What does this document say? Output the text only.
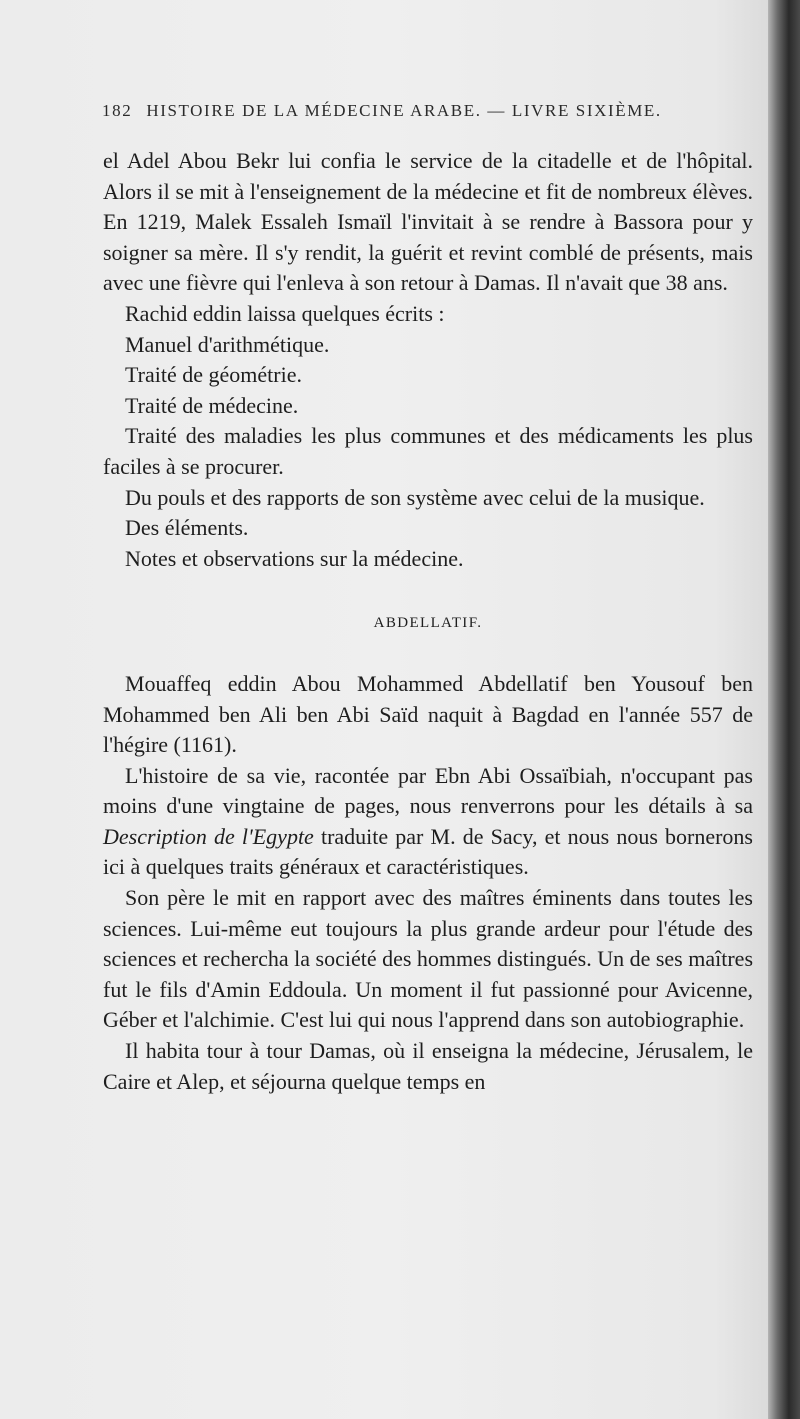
182 HISTOIRE DE LA MÉDECINE ARABE. — LIVRE SIXIÈME.

el Adel Abou Bekr lui confia le service de la citadelle et de l'hôpital. Alors il se mit à l'enseignement de la médecine et fit de nombreux élèves. En 1219, Malek Essaleh Ismaïl l'invitait à se rendre à Bassora pour y soigner sa mère. Il s'y rendit, la guérit et revint comblé de présents, mais avec une fièvre qui l'enleva à son retour à Damas. Il n'avait que 38 ans.

Rachid eddin laissa quelques écrits :

Manuel d'arithmétique.

Traité de géométrie.

Traité de médecine.

Traité des maladies les plus communes et des médicaments les plus faciles à se procurer.

Du pouls et des rapports de son système avec celui de la musique.

Des éléments.

Notes et observations sur la médecine.

ABDELLATIF.

Mouaffeq eddin Abou Mohammed Abdellatif ben Yousouf ben Mohammed ben Ali ben Abi Saïd naquit à Bagdad en l'année 557 de l'hégire (1161).

L'histoire de sa vie, racontée par Ebn Abi Ossaïbiah, n'occupant pas moins d'une vingtaine de pages, nous renverrons pour les détails à sa Description de l'Egypte traduite par M. de Sacy, et nous nous bornerons ici à quelques traits généraux et caractéristiques.

Son père le mit en rapport avec des maîtres éminents dans toutes les sciences. Lui-même eut toujours la plus grande ardeur pour l'étude des sciences et rechercha la société des hommes distingués. Un de ses maîtres fut le fils d'Amin Eddoula. Un moment il fut passionné pour Avicenne, Géber et l'alchimie. C'est lui qui nous l'apprend dans son autobiographie.

Il habita tour à tour Damas, où il enseigna la médecine, Jérusalem, le Caire et Alep, et séjourna quelque temps en
